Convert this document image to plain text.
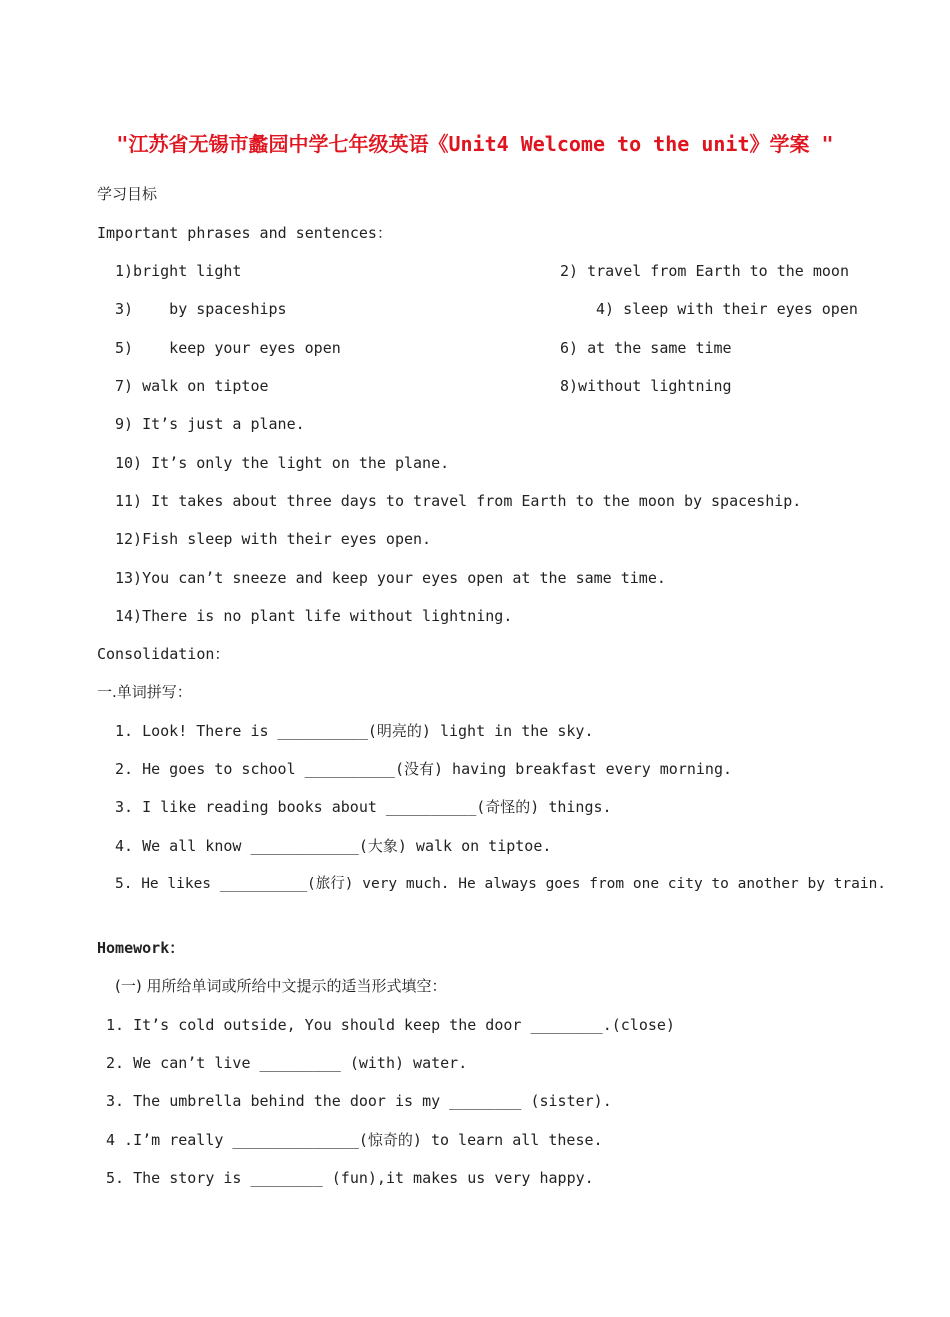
"江苏省无锡市蠡园中学七年级英语《Unit4 Welcome to the unit》学案 "
学习目标
Important phrases and sentences：
1)bright light	2) travel from Earth to the moon
3)    by spaceships	4) sleep with their eyes open
5)    keep your eyes open	6) at the same time
7) walk on tiptoe	8)without lightning
9) It’s just a plane.
10) It’s only the light on the plane.
11) It takes about three days to travel from Earth to the moon by spaceship.
12)Fish sleep with their eyes open.
13)You can’t sneeze and keep your eyes open at the same time.
14)There is no plant life without lightning.
Consolidation：
一.单词拼写：
1. Look! There is __________(明亮的) light in the sky.
2. He goes to school __________(没有) having breakfast every morning.
3. I like reading books about __________(奇怪的) things.
4. We all know ____________(大象) walk on tiptoe.
5. He likes __________(旅行) very much. He always goes from one city to another by train.
Homework：
(一) 用所给单词或所给中文提示的适当形式填空：
1. It’s cold outside, You should keep the door ________.(close)
2. We can’t live _________ (with) water.
3. The umbrella behind the door is my ________ (sister).
4 .I’m really ______________(惊奇的) to learn all these.
5. The story is ________ (fun),it makes us very happy.
